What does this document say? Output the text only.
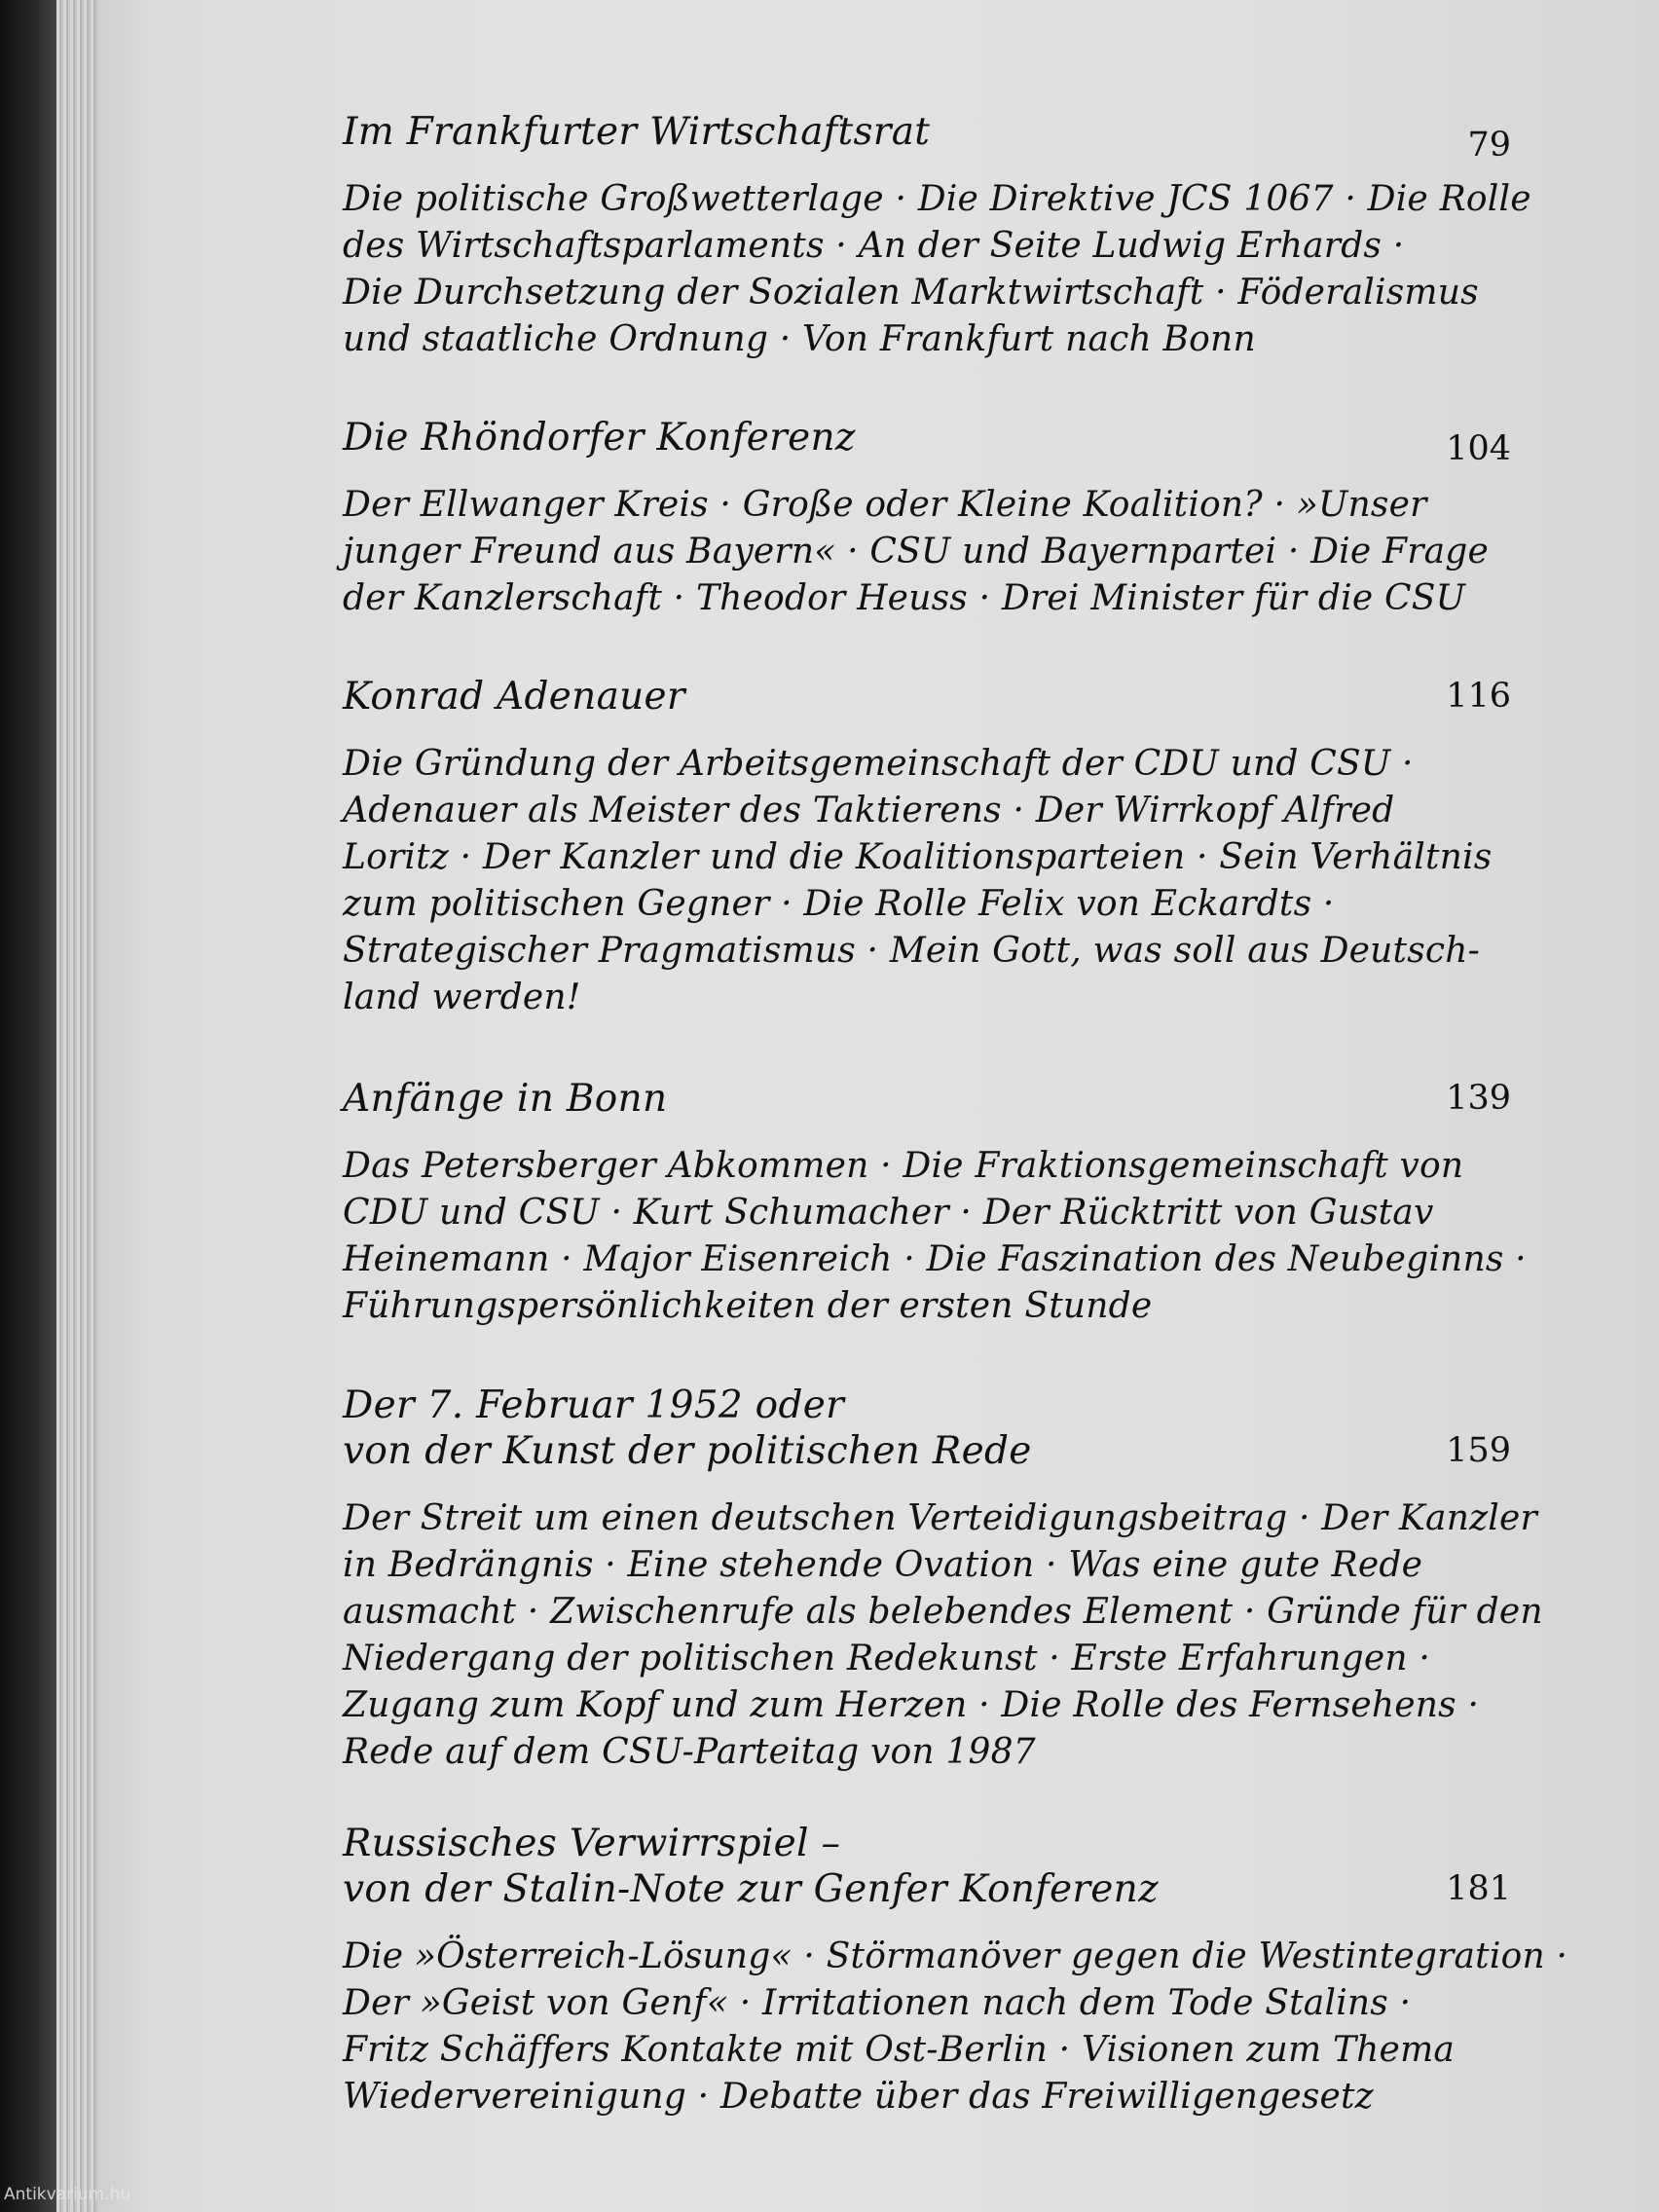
79
Im Frankfurter Wirtschaftsrat
Die politische Großwetterlage · Die Direktive JCS 1067 · Die Rolle
des Wirtschaftsparlaments · An der Seite Ludwig Erhards ·
Die Durchsetzung der Sozialen Marktwirtschaft · Föderalismus
und staatliche Ordnung · Von Frankfurt nach Bonn
104
Die Rhöndorfer Konferenz
Der Ellwanger Kreis · Große oder Kleine Koalition? · »Unser
junger Freund aus Bayern« · CSU und Bayernpartei · Die Frage
der Kanzlerschaft · Theodor Heuss · Drei Minister für die CSU
116
Konrad Adenauer
Die Gründung der Arbeitsgemeinschaft der CDU und CSU ·
Adenauer als Meister des Taktierens · Der Wirrkopf Alfred
Loritz · Der Kanzler und die Koalitionsparteien · Sein Verhältnis
zum politischen Gegner · Die Rolle Felix von Eckardts ·
Strategischer Pragmatismus · Mein Gott, was soll aus Deutsch-
land werden!
139
Anfänge in Bonn
Das Petersberger Abkommen · Die Fraktionsgemeinschaft von
CDU und CSU · Kurt Schumacher · Der Rücktritt von Gustav
Heinemann · Major Eisenreich · Die Faszination des Neubeginns ·
Führungspersönlichkeiten der ersten Stunde
159
Der 7. Februar 1952 oder
von der Kunst der politischen Rede
Der Streit um einen deutschen Verteidigungsbeitrag · Der Kanzler
in Bedrängnis · Eine stehende Ovation · Was eine gute Rede
ausmacht · Zwischenrufe als belebendes Element · Gründe für den
Niedergang der politischen Redekunst · Erste Erfahrungen ·
Zugang zum Kopf und zum Herzen · Die Rolle des Fernsehens ·
Rede auf dem CSU-Parteitag von 1987
181
Russisches Verwirrspiel –
von der Stalin-Note zur Genfer Konferenz
Die »Österreich-Lösung« · Störmanöver gegen die Westintegration ·
Der »Geist von Genf« · Irritationen nach dem Tode Stalins ·
Fritz Schäffers Kontakte mit Ost-Berlin · Visionen zum Thema
Wiedervereinigung · Debatte über das Freiwilligengesetz
Antikvarium.hu
